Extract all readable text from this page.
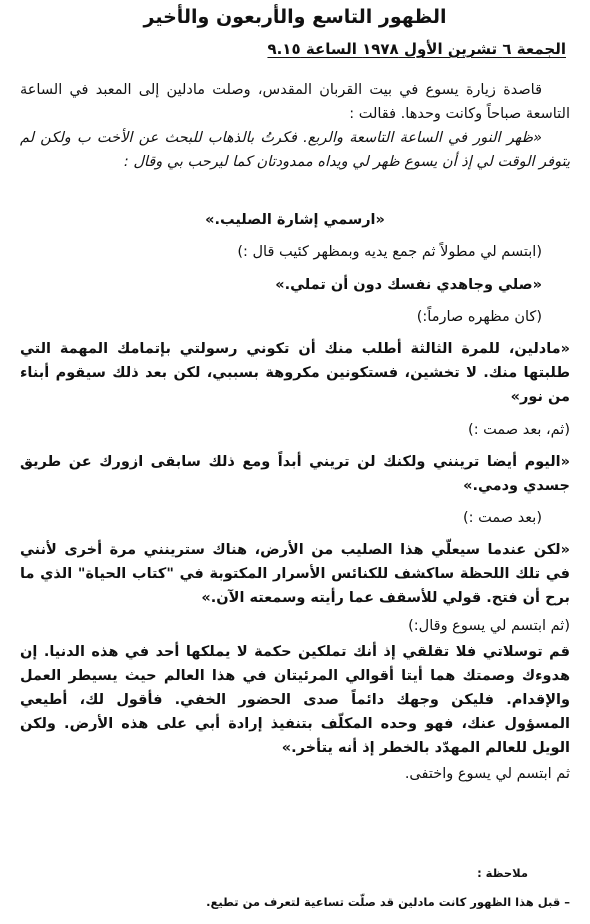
الظهور التاسع والأربعون والأخير
الجمعة ٦ تشرين الأول ١٩٧٨ الساعة ٩.١٥

قاصدة زيارة يسوع في بيت القربان المقدس، وصلت مادلين إلى المعبد في الساعة التاسعة صباحاً وكانت وحدها. فقالت :

«ظهر النور في الساعة التاسعة والربع. فكرتُ بالذهاب للبحث عن الأخت ب ولكن لم يتوفر الوقت لي إذ أن يسوع ظهر لي ويداه ممدودتان كما ليرحب بي وقال :

«ارسمي إشارة الصليب.»

(ابتسم لي مطولاً ثم جمع يديه وبمظهر كئيب قال :)

«صلي وجاهدي نفسك دون أن تملي.»

(كان مظهره صارماً:)

«مادلين، للمرة الثالثة أطلب منك أن تكوني رسولتي بإتمامك المهمة التي طلبتها منك. لا تخشين، فستكونين مكروهة بسببي، لكن بعد ذلك سيقوم أبناء من نور»

(ثم، بعد صمت :)

«اليوم أيضا ترينني ولكنك لن تريني أبداً ومع ذلك سابقى ازورك عن طريق جسدي ودمي.»

(بعد صمت :)

«لكن عندما سيعلّي هذا الصليب من الأرض، هناك سترينني مرة أخرى لأنني في تلك اللحظة ساكشف للكنائس الأسرار المكتوبة في "كتاب الحياة" الذي ما برح أن فتح. قولي للأسقف عما رأيته وسمعته الآن.»

(ثم ابتسم لي يسوع وقال:)

قم توسلاتي فلا تقلقي إذ أنك تملكين حكمة لا يملكها أحد في هذه الدنيا. إن هدوءك وصمتك هما أيتا أقوالي المرئيتان في هذا العالم حيث يسيطر العمل والإقدام. فليكن وجهك دائماً صدى الحضور الخفي. فأقول لك، أطيعي المسؤول عنك، فهو وحده المكلّف بتنفيذ إرادة أبي على هذه الأرض. ولكن الويل للعالم المهدّد بالخطر إذ أنه يتأخر.»

ثم ابتسم لي يسوع واختفى.

ملاحظة :
– قبل هذا الظهور كانت مادلين قد صلّت تساعية لتعرف من تطيع.
